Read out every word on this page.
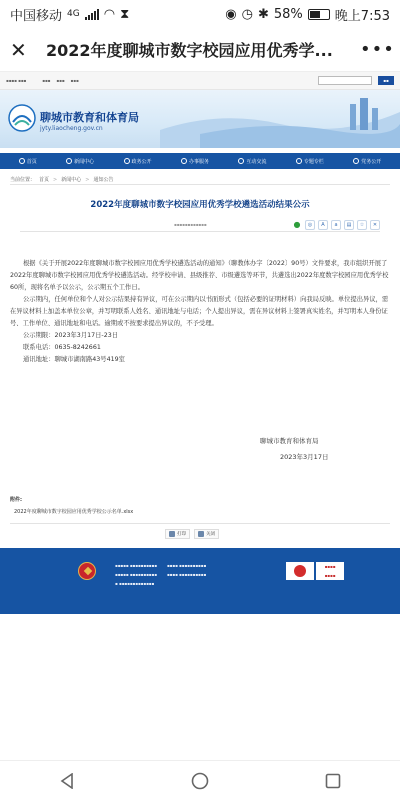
中国移动 4G ◠ ⧗	◉ ◷ ✱ 58% 晚上7:53
✕	2022年度聊城市数字校园应用优秀学...	•••
▪▪▪▪ ▪▪▪	▪▪▪ ▪▪▪ ▪▪▪	▪▪
聊城市教育和体育局
jyty.liaocheng.gov.cn
首页	新闻中心	政务公开	办事服务	互动交流	专题专栏	党务公开
当前位置： 首页 > 新闻中心 > 通知公告
2022年度聊城市数字校园应用优秀学校遴选活动结果公示
▪▪▪▪▪▪▪▪▪▪▪▪	●	◎	A	a	▤	☆	✕

根据《关于开展2022年度聊城市数字校园应用优秀学校遴选活动的通知》（聊教体办字〔2022〕90号）文件要求，我市组织开展了2022年度聊城市数字校园应用优秀学校遴选活动。经学校申请、县级推荐、市级遴选等环节，共遴选出2022年度数字校园应用优秀学校60所，现将名单予以公示，公示期五个工作日。

公示期内，任何单位和个人对公示结果持有异议，可在公示期内以书面形式（包括必要的证明材料）向我局反映。单位提出异议，需在异议材料上加盖本单位公章，并写明联系人姓名、通讯地址与电话；个人提出异议，需在异议材料上签署真实姓名，并写明本人身份证号、工作单位、通讯地址和电话。逾期或不按要求提出异议的，不予受理。

公示期限：2023年3月17日-23日

联系电话：0635-8242661

通讯地址：聊城市湖南路43号419室

聊城市教育和体育局
2023年3月17日
附件:
2022年度聊城市数字校园应用优秀学校公示名单.xlsx
打印	关闭
▪▪▪▪▪ ▪▪▪▪▪▪▪▪▪▪	▪▪▪▪ ▪▪▪▪▪▪▪▪▪▪
▪▪▪▪▪ ▪▪▪▪▪▪▪▪▪▪	▪▪▪▪ ▪▪▪▪▪▪▪▪▪▪
▪ ▪▪▪▪▪▪▪▪▪▪▪▪▪
▪▪▪▪
▪▪▪▪
